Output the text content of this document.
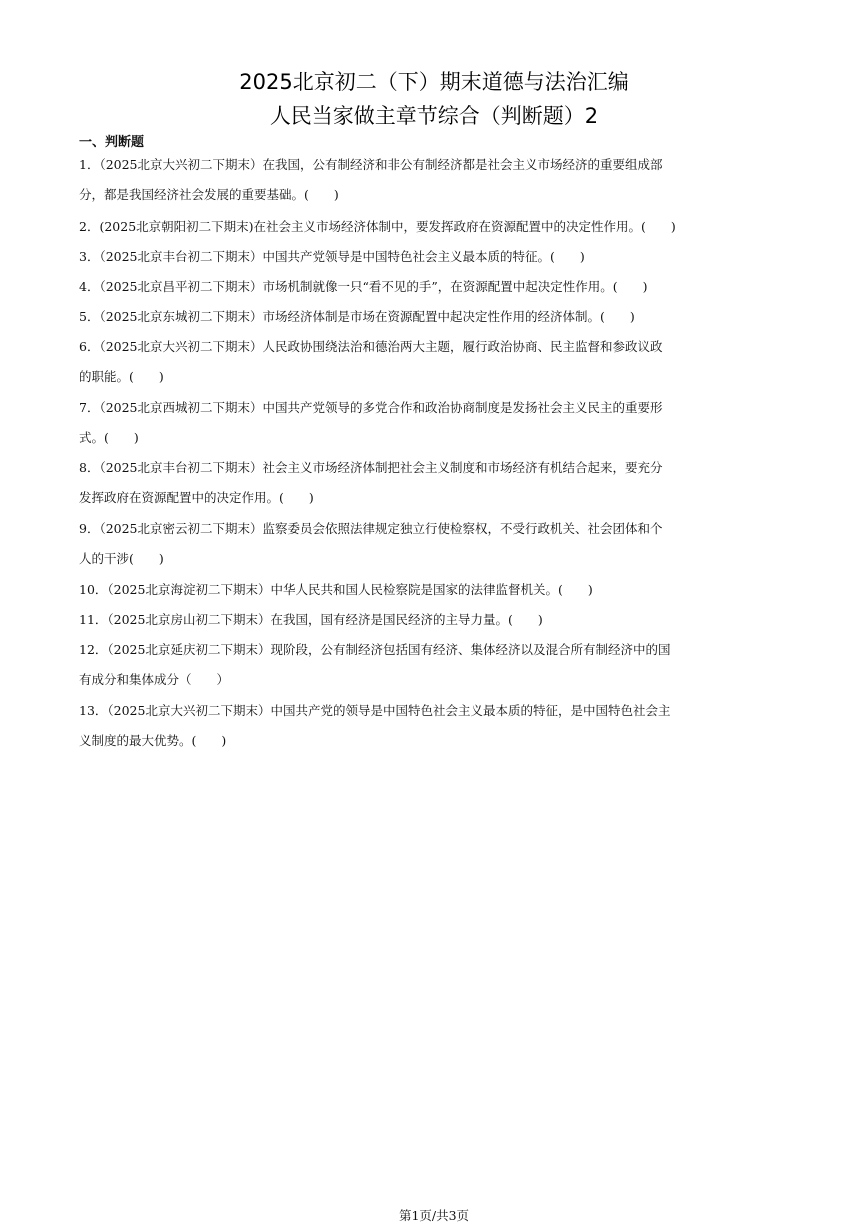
2025北京初二（下）期末道德与法治汇编
人民当家做主章节综合（判断题）2
一、判断题
1．（2025北京大兴初二下期末）在我国，公有制经济和非公有制经济都是社会主义市场经济的重要组成部
分，都是我国经济社会发展的重要基础。(　　)
2．(2025北京朝阳初二下期末)在社会主义市场经济体制中，要发挥政府在资源配置中的决定性作用。(　　)
3．（2025北京丰台初二下期末）中国共产党领导是中国特色社会主义最本质的特征。(　　)
4．（2025北京昌平初二下期末）市场机制就像一只“看不见的手”，在资源配置中起决定性作用。(　　)
5．（2025北京东城初二下期末）市场经济体制是市场在资源配置中起决定性作用的经济体制。(　　)
6．（2025北京大兴初二下期末）人民政协围绕法治和德治两大主题，履行政治协商、民主监督和参政议政
的职能。(　　)
7．（2025北京西城初二下期末）中国共产党领导的多党合作和政治协商制度是发扬社会主义民主的重要形
式。(　　)
8．（2025北京丰台初二下期末）社会主义市场经济体制把社会主义制度和市场经济有机结合起来，要充分
发挥政府在资源配置中的决定作用。(　　)
9．（2025北京密云初二下期末）监察委员会依照法律规定独立行使检察权，不受行政机关、社会团体和个
人的干涉(　　)
10．（2025北京海淀初二下期末）中华人民共和国人民检察院是国家的法律监督机关。(　　)
11．（2025北京房山初二下期末）在我国，国有经济是国民经济的主导力量。(　　)
12．（2025北京延庆初二下期末）现阶段，公有制经济包括国有经济、集体经济以及混合所有制经济中的国
有成分和集体成分（　　）
13．（2025北京大兴初二下期末）中国共产党的领导是中国特色社会主义最本质的特征，是中国特色社会主
义制度的最大优势。(　　)
第1页/共3页
